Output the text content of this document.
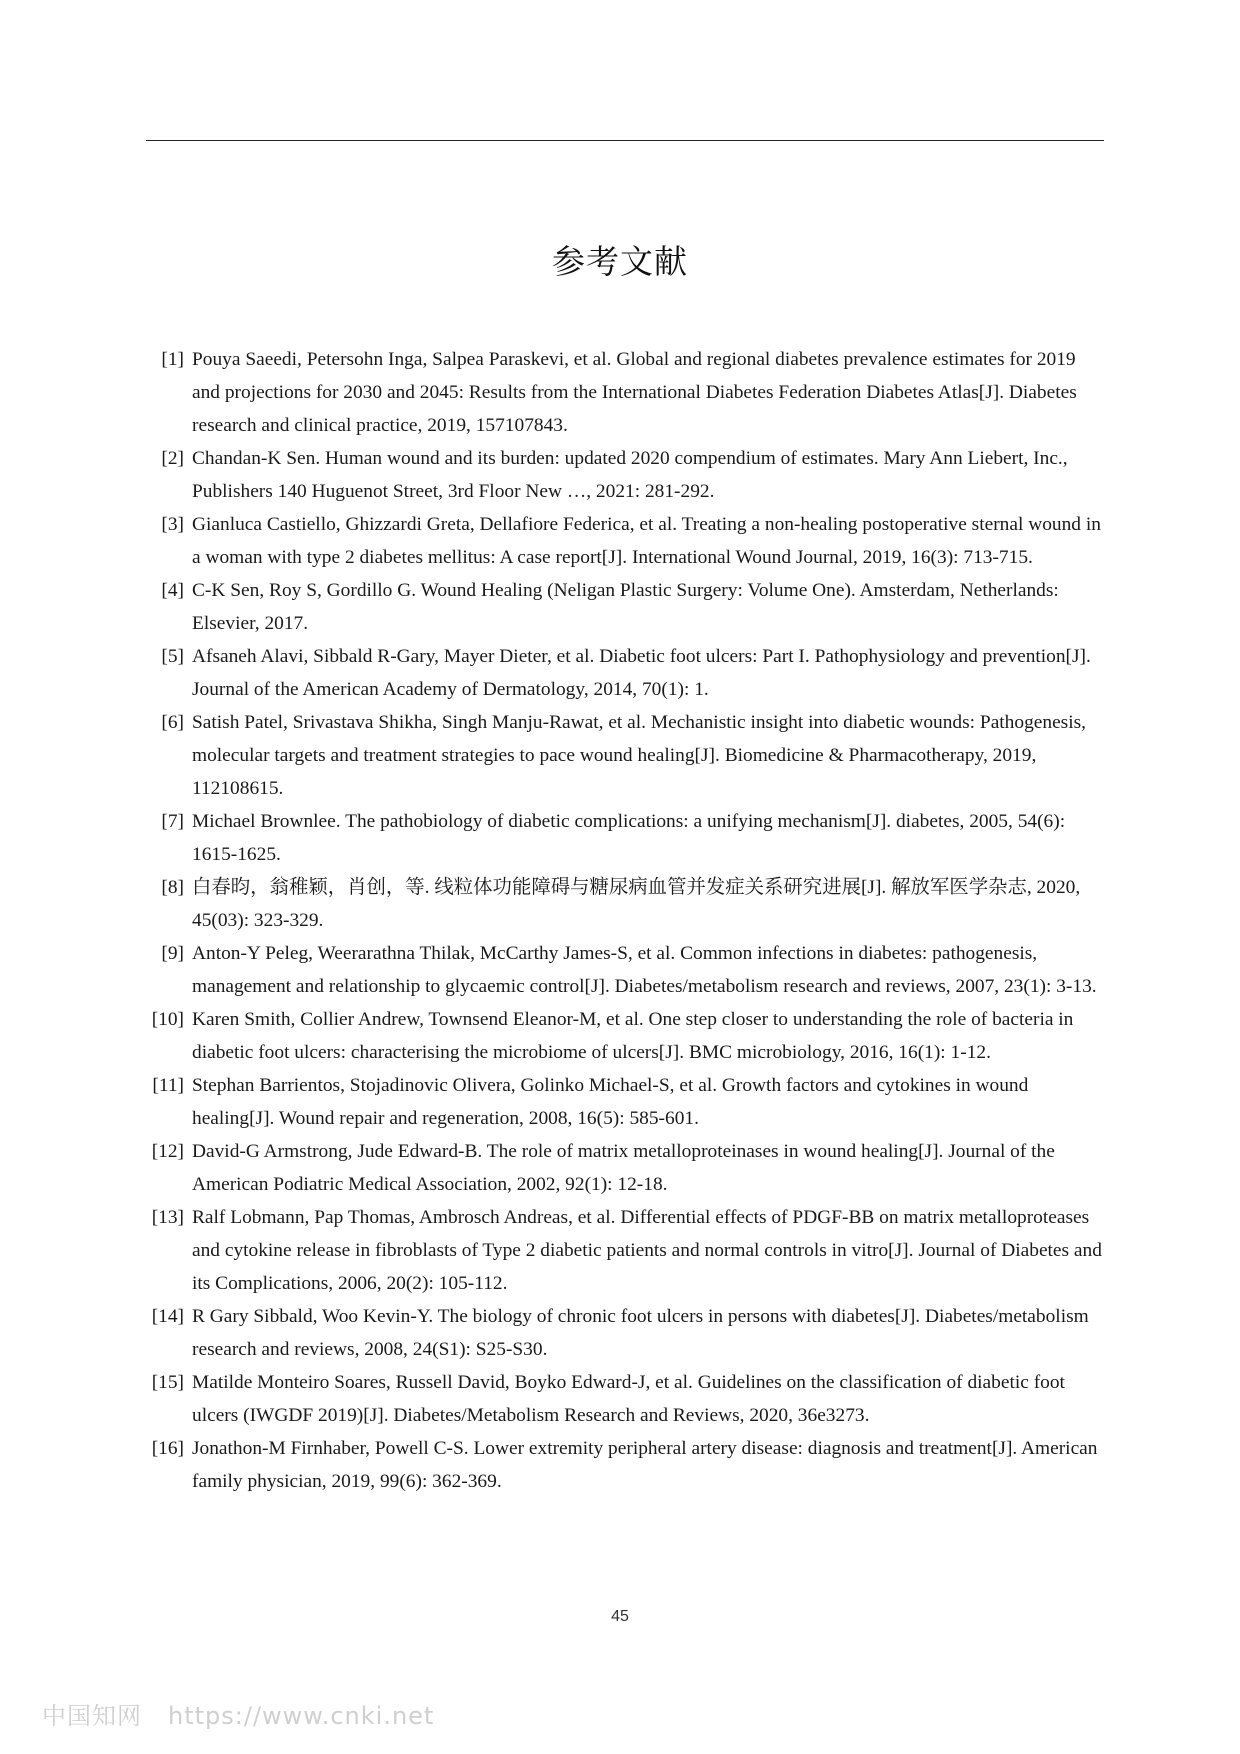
参考文献
[1] Pouya Saeedi, Petersohn Inga, Salpea Paraskevi, et al. Global and regional diabetes prevalence estimates for 2019 and projections for 2030 and 2045: Results from the International Diabetes Federation Diabetes Atlas[J]. Diabetes research and clinical practice, 2019, 157107843.
[2] Chandan-K Sen. Human wound and its burden: updated 2020 compendium of estimates. Mary Ann Liebert, Inc., Publishers 140 Huguenot Street, 3rd Floor New …, 2021: 281-292.
[3] Gianluca Castiello, Ghizzardi Greta, Dellafiore Federica, et al. Treating a non-healing postoperative sternal wound in a woman with type 2 diabetes mellitus: A case report[J]. International Wound Journal, 2019, 16(3): 713-715.
[4] C-K Sen, Roy S, Gordillo G. Wound Healing (Neligan Plastic Surgery: Volume One). Amsterdam, Netherlands: Elsevier, 2017.
[5] Afsaneh Alavi, Sibbald R-Gary, Mayer Dieter, et al. Diabetic foot ulcers: Part I. Pathophysiology and prevention[J]. Journal of the American Academy of Dermatology, 2014, 70(1): 1.
[6] Satish Patel, Srivastava Shikha, Singh Manju-Rawat, et al. Mechanistic insight into diabetic wounds: Pathogenesis, molecular targets and treatment strategies to pace wound healing[J]. Biomedicine & Pharmacotherapy, 2019, 112108615.
[7] Michael Brownlee. The pathobiology of diabetic complications: a unifying mechanism[J]. diabetes, 2005, 54(6): 1615-1625.
[8] 白春昀，翁稚颖，肖创，等. 线粒体功能障碍与糖尿病血管并发症关系研究进展[J]. 解放军医学杂志, 2020, 45(03): 323-329.
[9] Anton-Y Peleg, Weerarathna Thilak, McCarthy James-S, et al. Common infections in diabetes: pathogenesis, management and relationship to glycaemic control[J]. Diabetes/metabolism research and reviews, 2007, 23(1): 3-13.
[10] Karen Smith, Collier Andrew, Townsend Eleanor-M, et al. One step closer to understanding the role of bacteria in diabetic foot ulcers: characterising the microbiome of ulcers[J]. BMC microbiology, 2016, 16(1): 1-12.
[11] Stephan Barrientos, Stojadinovic Olivera, Golinko Michael-S, et al. Growth factors and cytokines in wound healing[J]. Wound repair and regeneration, 2008, 16(5): 585-601.
[12] David-G Armstrong, Jude Edward-B. The role of matrix metalloproteinases in wound healing[J]. Journal of the American Podiatric Medical Association, 2002, 92(1): 12-18.
[13] Ralf Lobmann, Pap Thomas, Ambrosch Andreas, et al. Differential effects of PDGF-BB on matrix metalloproteases and cytokine release in fibroblasts of Type 2 diabetic patients and normal controls in vitro[J]. Journal of Diabetes and its Complications, 2006, 20(2): 105-112.
[14] R Gary Sibbald, Woo Kevin-Y. The biology of chronic foot ulcers in persons with diabetes[J]. Diabetes/metabolism research and reviews, 2008, 24(S1): S25-S30.
[15] Matilde Monteiro Soares, Russell David, Boyko Edward-J, et al. Guidelines on the classification of diabetic foot ulcers (IWGDF 2019)[J]. Diabetes/Metabolism Research and Reviews, 2020, 36e3273.
[16] Jonathon-M Firnhaber, Powell C-S. Lower extremity peripheral artery disease: diagnosis and treatment[J]. American family physician, 2019, 99(6): 362-369.
45
中国知网 https://www.cnki.net
